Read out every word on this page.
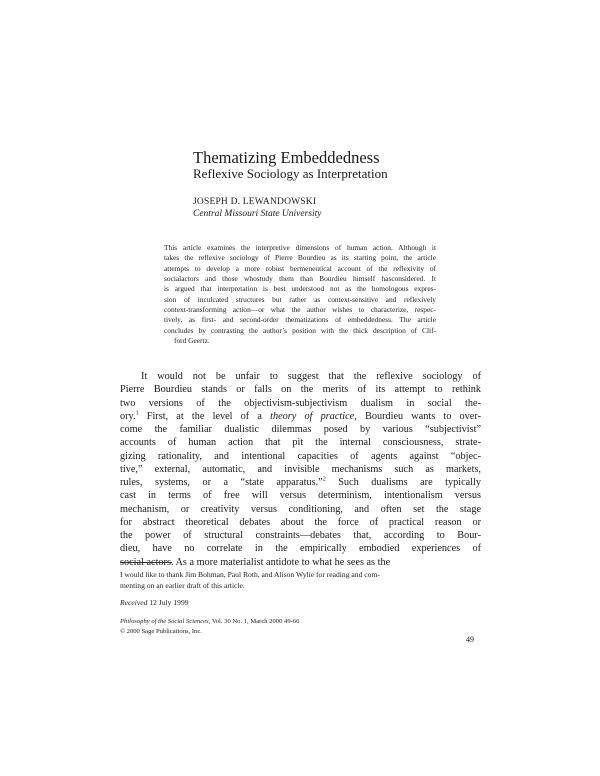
Thematizing Embeddedness
Reflexive Sociology as Interpretation
JOSEPH D. LEWANDOWSKI
Central Missouri State University
This article examines the interpretive dimensions of human action. Although it
takes the reflexive sociology of Pierre Bourdieu as its starting point, the article
attempts to develop a more robust hermeneutical account of the reflexivity of
socialactors and those whostudy them than Bourdieu himself hasconsidered. It
is argued that interpretation is best understood not as the homologous expres-
sion of inculcated structures but rather as context-sensitive and reflexively
context-transforming action—or what the author wishes to characterize, respec-
tively, as first- and second-order thematizations of embeddedness. The article
concludes by contrasting the author’s position with the thick description of Clif-
ford Geertz.
It would not be unfair to suggest that the reflexive sociology of
Pierre Bourdieu stands or falls on the merits of its attempt to rethink
two versions of the objectivism-subjectivism dualism in social the-
ory.$^1$ First, at the level of a theory of practice, Bourdieu wants to over-
come the familiar dualistic dilemmas posed by various “subjectivist”
accounts of human action that pit the internal consciousness, strate-
gizing rationality, and intentional capacities of agents against “objec-
tive,” external, automatic, and invisible mechanisms such as markets,
rules, systems, or a “state apparatus.”$^2$ Such dualisms are typically
cast in terms of free will versus determinism, intentionalism versus
mechanism, or creativity versus conditioning, and often set the stage
for abstract theoretical debates about the force of practical reason or
the power of structural constraints—debates that, according to Bour-
dieu, have no correlate in the empirically embodied experiences of
social actors. As a more materialist antidote to what he sees as the
I would like to thank Jim Bohman, Paul Roth, and Alison Wylie for reading and com-
menting on an earlier draft of this article.
Received 12 July 1999
Philosophy of the Social Sciences, Vol. 30 No. 1, March 2000 49-66
© 2000 Sage Publications, Inc.
49
